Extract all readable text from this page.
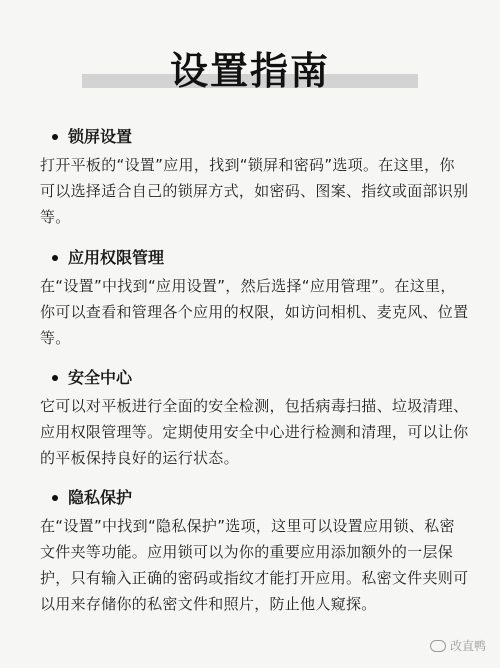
设置指南
锁屏设置
打开平板的“设置”应用，找到“锁屏和密码”选项。在这里，你可以选择适合自己的锁屏方式，如密码、图案、指纹或面部识别等。
应用权限管理
在“设置”中找到“应用设置”，然后选择“应用管理”。在这里，你可以查看和管理各个应用的权限，如访问相机、麦克风、位置等。
安全中心
它可以对平板进行全面的安全检测，包括病毒扫描、垃圾清理、应用权限管理等。定期使用安全中心进行检测和清理，可以让你的平板保持良好的运行状态。
隐私保护
在“设置”中找到“隐私保护”选项，这里可以设置应用锁、私密文件夹等功能。应用锁可以为你的重要应用添加额外的一层保护，只有输入正确的密码或指纹才能打开应用。私密文件夹则可以用来存储你的私密文件和照片，防止他人窥探。
改直鸭
